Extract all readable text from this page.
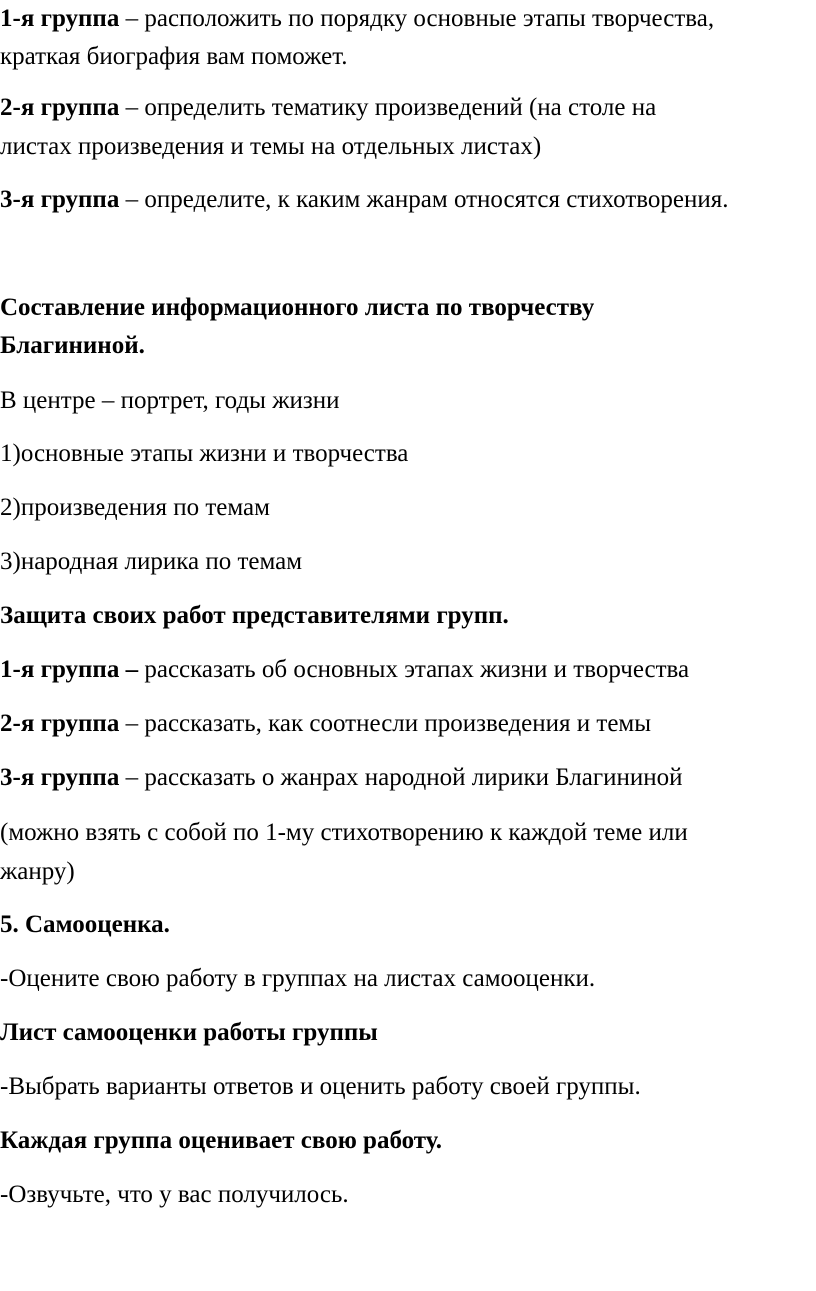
1-я группа – расположить по порядку основные этапы творчества,

краткая биография вам поможет.

2-я группа – определить тематику произведений (на столе на

листах произведения и темы на отдельных листах)

3-я группа – определите, к каким жанрам относятся стихотворения.

Составление информационного листа по творчеству

Благининой.

В центре – портрет, годы жизни

1)основные этапы жизни и творчества

2)произведения по темам

3)народная лирика по темам

Защита своих работ представителями групп.

1-я группа – рассказать об основных этапах жизни и творчества

2-я группа – рассказать, как соотнесли произведения и темы

3-я группа – рассказать о жанрах народной лирики Благининой

(можно взять с собой по 1-му стихотворению к каждой теме или

жанру)

5. Самооценка.

-Оцените свою работу в группах на листах самооценки.

Лист самооценки работы группы

-Выбрать варианты ответов и оценить работу своей группы.

Каждая группа оценивает свою работу.

-Озвучьте, что у вас получилось.
